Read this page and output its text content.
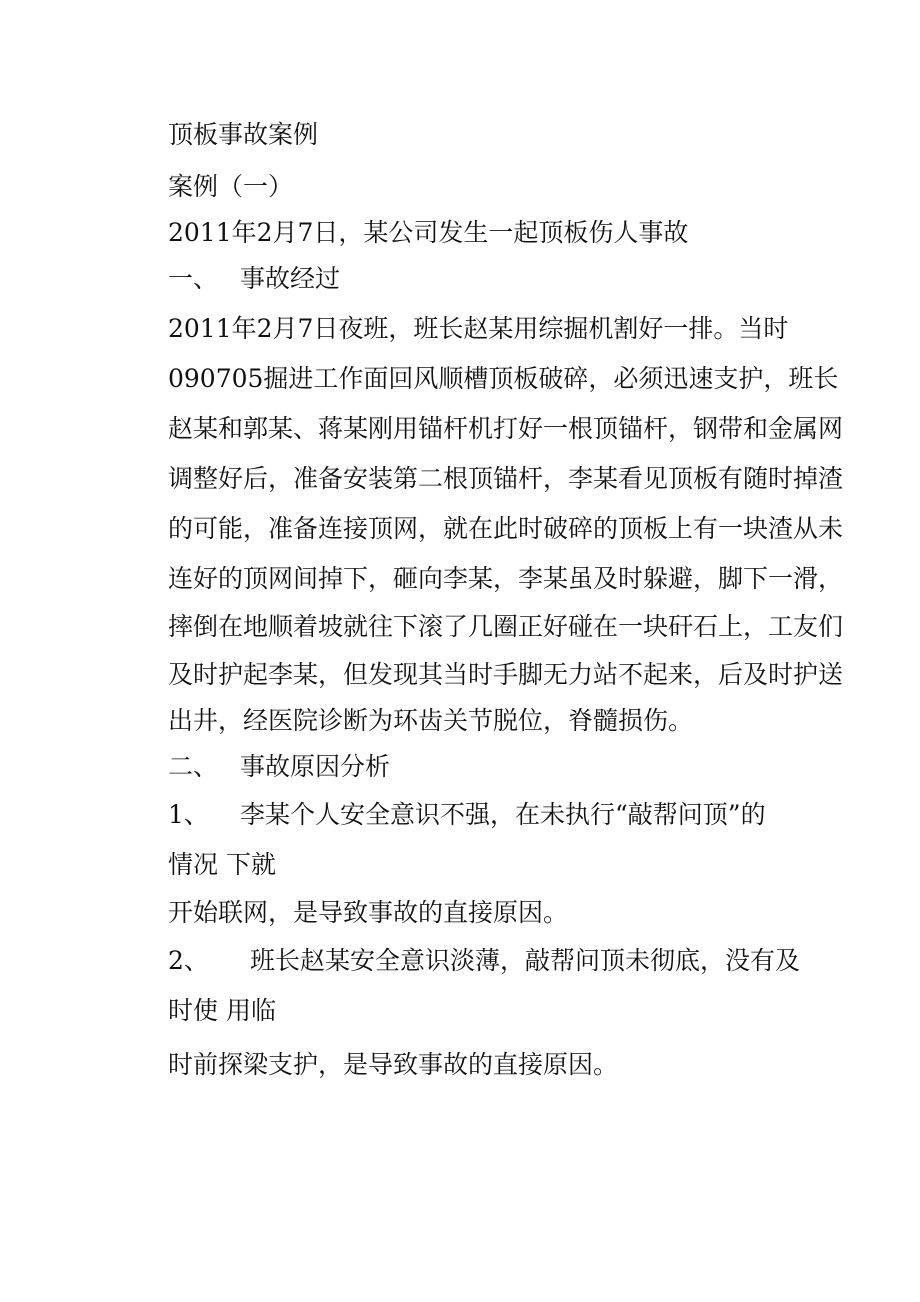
顶板事故案例
案例（一）
2011年2月7日，某公司发生一起顶板伤人事故
一、 事故经过
2011年2月7日夜班，班长赵某用综掘机割好一排。当时
090705掘进工作面回风顺槽顶板破碎，必须迅速支护，班长
赵某和郭某、蒋某刚用锚杆机打好一根顶锚杆，钢带和金属网
调整好后，准备安装第二根顶锚杆，李某看见顶板有随时掉渣
的可能，准备连接顶网，就在此时破碎的顶板上有一块渣从未
连好的顶网间掉下，砸向李某，李某虽及时躲避，脚下一滑，
摔倒在地顺着坡就往下滚了几圈正好碰在一块矸石上，工友们
及时护起李某，但发现其当时手脚无力站不起来，后及时护送
出井，经医院诊断为环齿关节脱位，脊髓损伤。
二、 事故原因分析
1、 李某个人安全意识不强，在未执行“敲帮问顶”的
情况 下就
开始联网，是导致事故的直接原因。
2、 班长赵某安全意识淡薄，敲帮问顶未彻底，没有及
时使 用临
时前探梁支护，是导致事故的直接原因。
